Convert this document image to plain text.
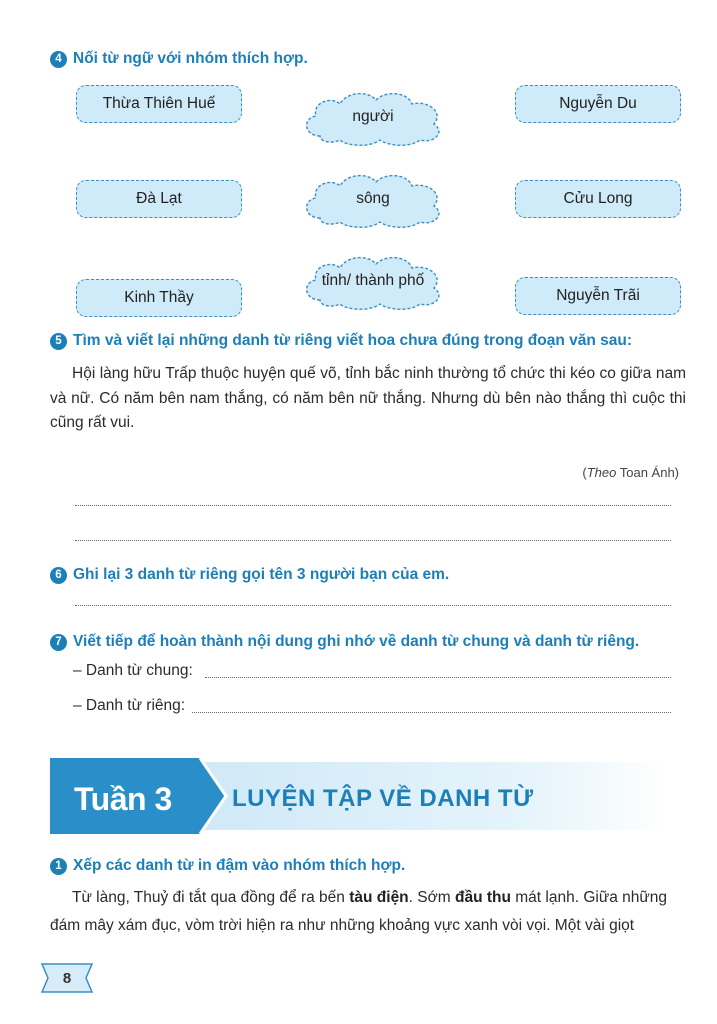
4 Nối từ ngữ với nhóm thích hợp.
Thừa Thiên Huế
Đà Lạt
Kinh Thầy
người
sông
tỉnh/ thành phố
Nguyễn Du
Cửu Long
Nguyễn Trãi
5 Tìm và viết lại những danh từ riêng viết hoa chưa đúng trong đoạn văn sau:
Hội làng hữu Trấp thuộc huyện quế võ, tỉnh bắc ninh thường tổ chức thi kéo co giữa nam và nữ. Có năm bên nam thắng, có năm bên nữ thắng. Nhưng dù bên nào thắng thì cuộc thi cũng rất vui.
(Theo Toan Ánh)
6 Ghi lại 3 danh từ riêng gọi tên 3 người bạn của em.
7 Viết tiếp để hoàn thành nội dung ghi nhớ về danh từ chung và danh từ riêng.
– Danh từ chung:
– Danh từ riêng:
Tuần 3	LUYỆN TẬP VỀ DANH TỪ
1 Xếp các danh từ in đậm vào nhóm thích hợp.
Từ làng, Thuỷ đi tắt qua đồng để ra bến tàu điện. Sớm đầu thu mát lạnh. Giữa những
đám mây xám đục, vòm trời hiện ra như những khoảng vực xanh vòi vọi. Một vài giọt
8
